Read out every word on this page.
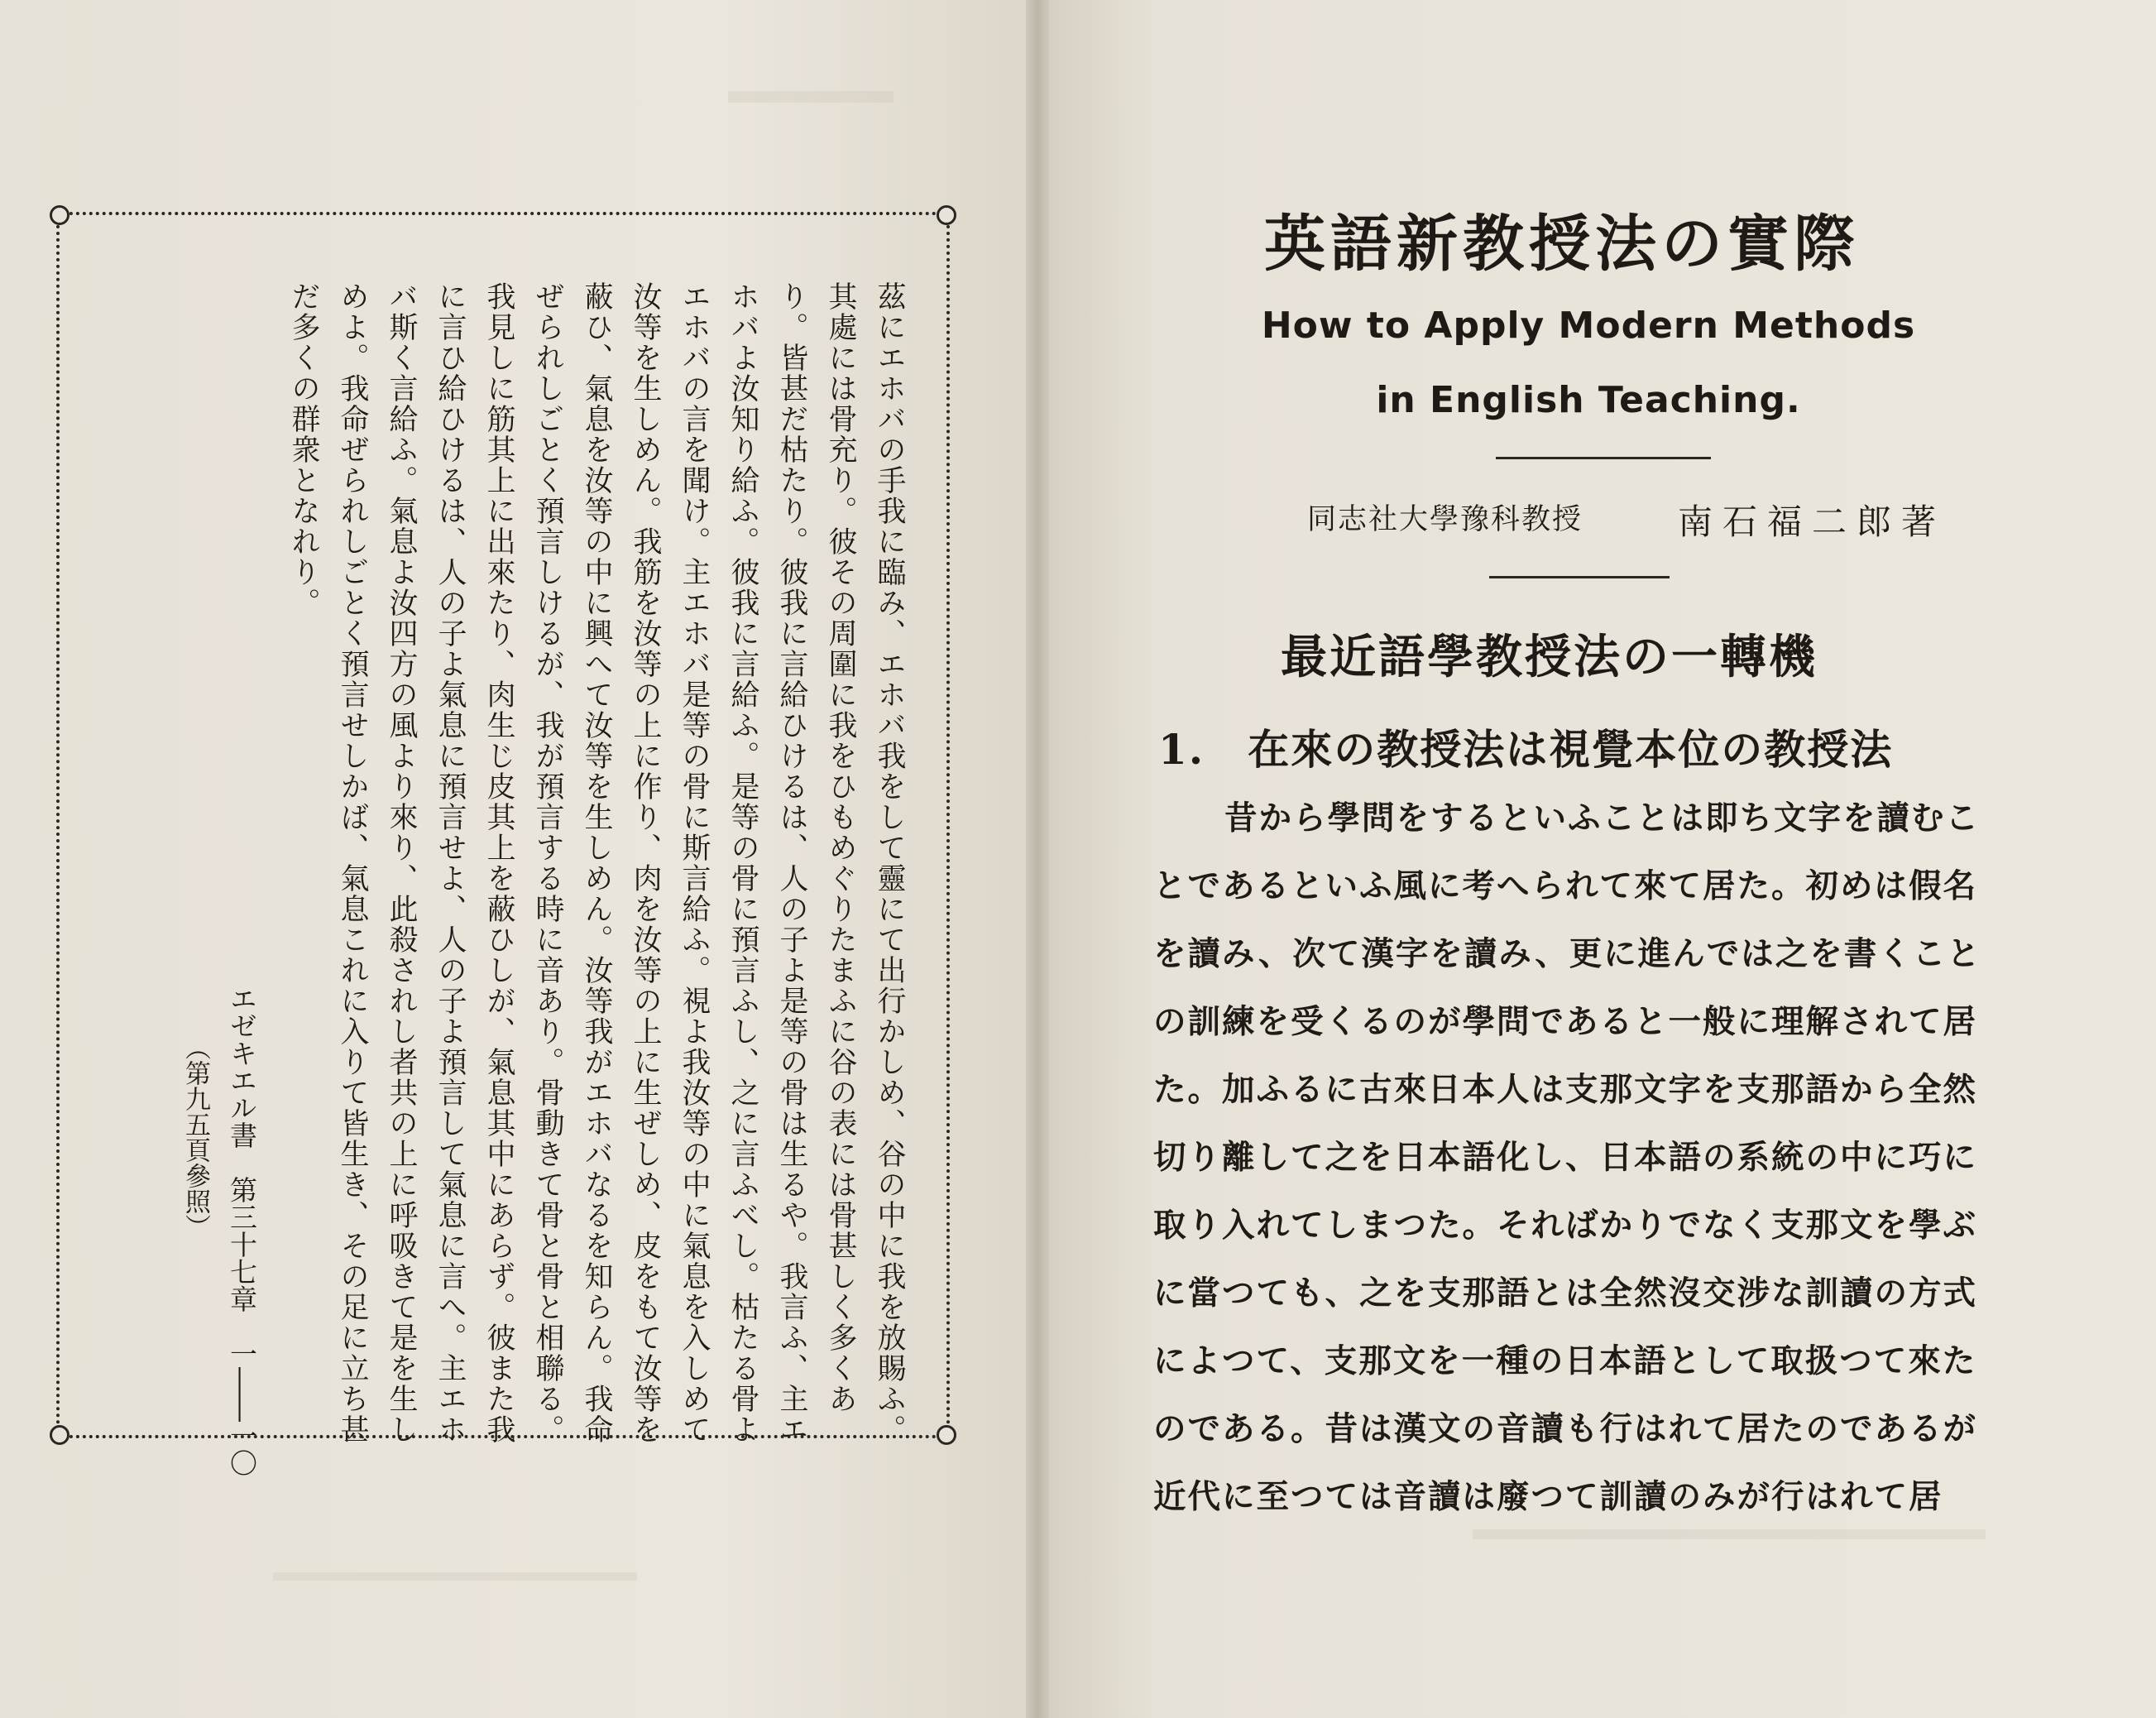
茲にエホバの手我に臨み、エホバ我をして靈にて出行かしめ、谷の中に我を放賜ふ。
其處には骨充り。彼その周圍に我をひもめぐりたまふに谷の表には骨甚しく多くあ
り。皆甚だ枯たり。彼我に言給ひけるは、人の子よ是等の骨は生るや。我言ふ、主エ
ホバよ汝知り給ふ。彼我に言給ふ。是等の骨に預言ふし、之に言ふべし。枯たる骨よ
エホバの言を聞け。主エホバ是等の骨に斯言給ふ。視よ我汝等の中に氣息を入しめて
汝等を生しめん。我筋を汝等の上に作り、肉を汝等の上に生ぜしめ、皮をもて汝等を
蔽ひ、氣息を汝等の中に興へて汝等を生しめん。汝等我がエホバなるを知らん。我命
ぜられしごとく預言しけるが、我が預言する時に音あり。骨動きて骨と骨と相聯る。
我見しに筋其上に出來たり、肉生じ皮其上を蔽ひしが、氣息其中にあらず。彼また我
に言ひ給ひけるは、人の子よ氣息に預言せよ、人の子よ預言して氣息に言へ。主エホ
バ斯く言給ふ。氣息よ汝四方の風より來り、此殺されし者共の上に呼吸きて是を生し
めよ。我命ぜられしごとく預言せしかば、氣息これに入りて皆生き、その足に立ち甚
だ多くの群衆となれり。
エゼキエル書　第三十七章　一――一〇
（第九五頁參照）
英語新教授法の實際
How to Apply Modern Methods
in English Teaching.
同志社大學豫科教授	南石福二郎著
最近語學教授法の一轉機
1. 在來の教授法は視覺本位の教授法
昔から學問をするといふことは即ち文字を讀むこ
とであるといふ風に考へられて來て居た。初めは假名
を讀み、次て漢字を讀み、更に進んでは之を書くこと
の訓練を受くるのが學問であると一般に理解されて居
た。加ふるに古來日本人は支那文字を支那語から全然
切り離して之を日本語化し、日本語の系統の中に巧に
取り入れてしまつた。そればかりでなく支那文を學ぶ
に當つても、之を支那語とは全然沒交涉な訓讀の方式
によつて、支那文を一種の日本語として取扱つて來た
のである。昔は漢文の音讀も行はれて居たのであるが
近代に至つては音讀は廢つて訓讀のみが行はれて居
